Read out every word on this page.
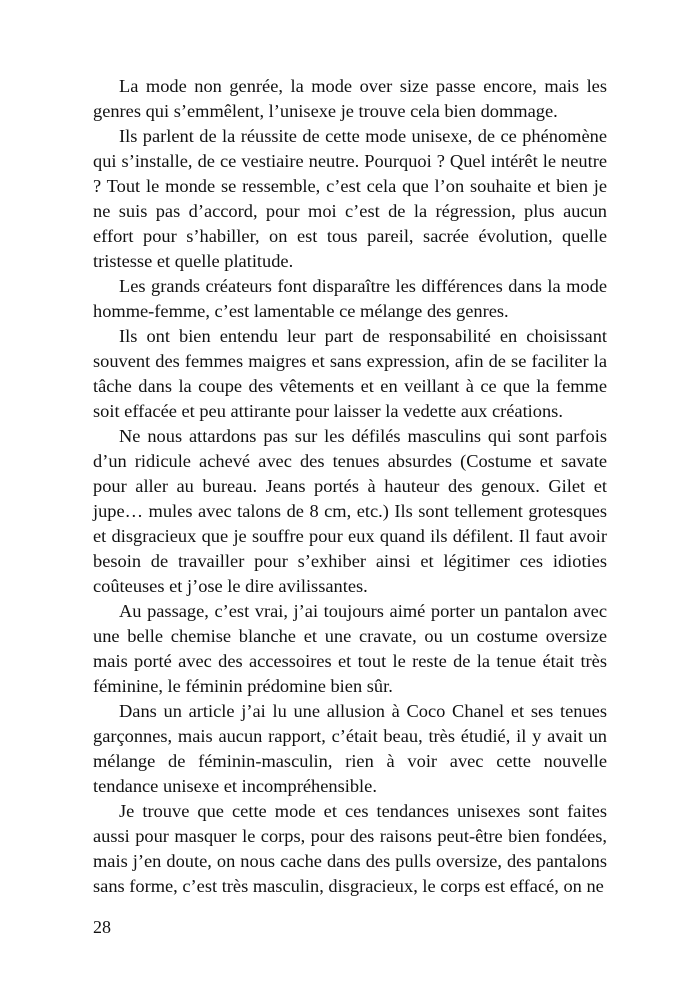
La mode non genrée, la mode over size passe encore, mais les genres qui s’emmêlent, l’unisexe je trouve cela bien dommage.

Ils parlent de la réussite de cette mode unisexe, de ce phénomène qui s’installe, de ce vestiaire neutre. Pourquoi ? Quel intérêt le neutre ? Tout le monde se ressemble, c’est cela que l’on souhaite et bien je ne suis pas d’accord, pour moi c’est de la régression, plus aucun effort pour s’habiller, on est tous pareil, sacrée évolution, quelle tristesse et quelle platitude.

Les grands créateurs font disparaître les différences dans la mode homme-femme, c’est lamentable ce mélange des genres.

Ils ont bien entendu leur part de responsabilité en choisissant souvent des femmes maigres et sans expression, afin de se faciliter la tâche dans la coupe des vêtements et en veillant à ce que la femme soit effacée et peu attirante pour laisser la vedette aux créations.

Ne nous attardons pas sur les défilés masculins qui sont parfois d’un ridicule achevé avec des tenues absurdes (Costume et savate pour aller au bureau. Jeans portés à hauteur des genoux. Gilet et jupe… mules avec talons de 8 cm, etc.) Ils sont tellement grotesques et disgracieux que je souffre pour eux quand ils défilent. Il faut avoir besoin de travailler pour s’exhiber ainsi et légitimer ces idioties coûteuses et j’ose le dire avilissantes.

Au passage, c’est vrai, j’ai toujours aimé porter un pantalon avec une belle chemise blanche et une cravate, ou un costume oversize mais porté avec des accessoires et tout le reste de la tenue était très féminine, le féminin prédomine bien sûr.

Dans un article j’ai lu une allusion à Coco Chanel et ses tenues garçonnes, mais aucun rapport, c’était beau, très étudié, il y avait un mélange de féminin-masculin, rien à voir avec cette nouvelle tendance unisexe et incompréhensible.

Je trouve que cette mode et ces tendances unisexes sont faites aussi pour masquer le corps, pour des raisons peut-être bien fondées, mais j’en doute, on nous cache dans des pulls oversize, des pantalons sans forme, c’est très masculin, disgracieux, le corps est effacé, on ne

28
